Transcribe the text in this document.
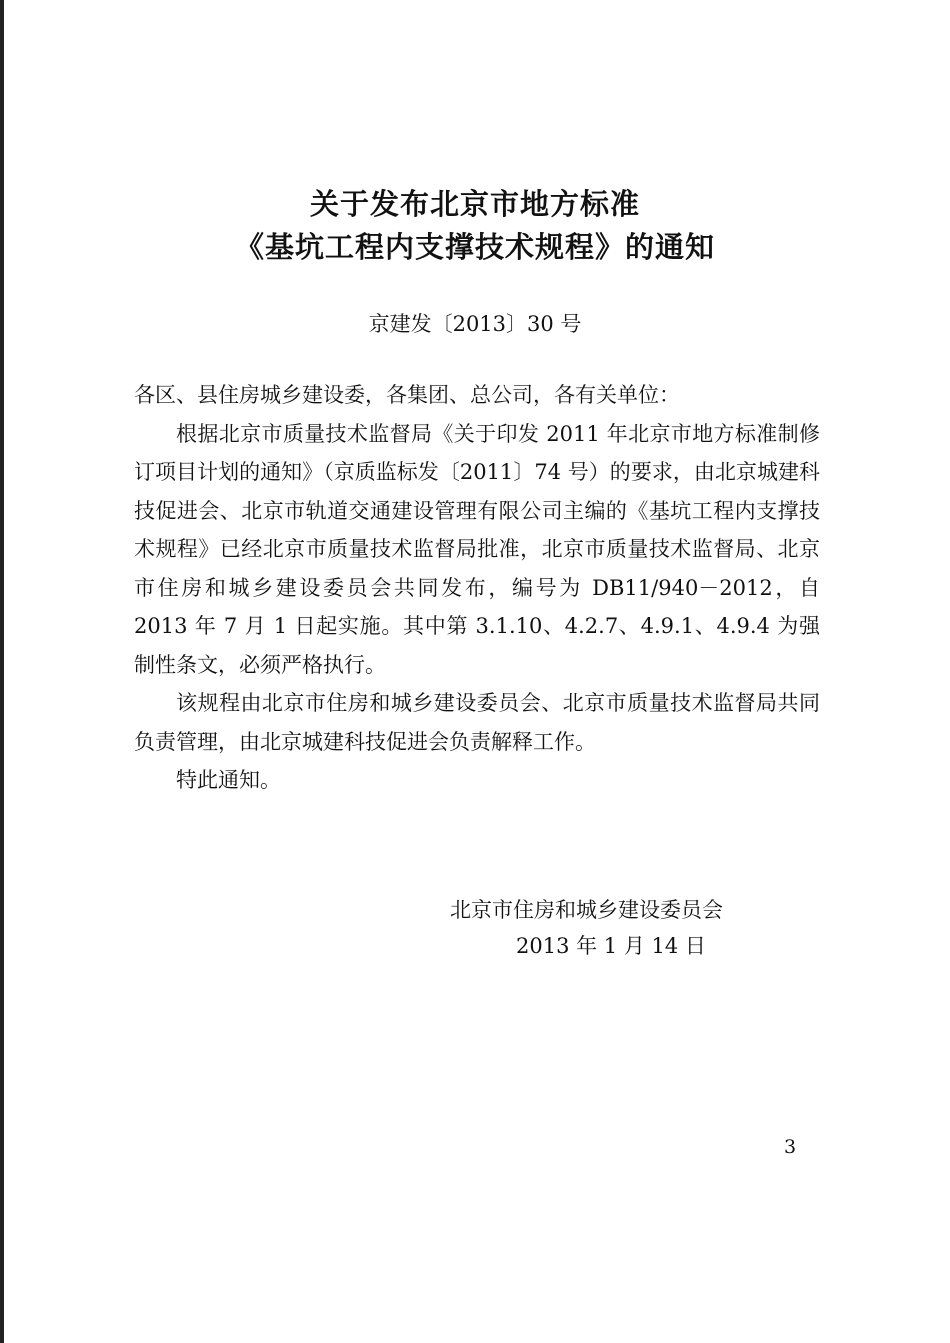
关于发布北京市地方标准
《基坑工程内支撑技术规程》的通知
京建发〔2013〕30 号

各区、县住房城乡建设委，各集团、总公司，各有关单位：

根据北京市质量技术监督局《关于印发 2011 年北京市地方标准制修订项目计划的通知》（京质监标发〔2011〕74 号）的要求，由北京城建科技促进会、北京市轨道交通建设管理有限公司主编的《基坑工程内支撑技术规程》已经北京市质量技术监督局批准，北京市质量技术监督局、北京市住房和城乡建设委员会共同发布，编号为 DB11/940－2012，自 2013 年 7 月 1 日起实施。其中第 3.1.10、4.2.7、4.9.1、4.9.4 为强制性条文，必须严格执行。

该规程由北京市住房和城乡建设委员会、北京市质量技术监督局共同负责管理，由北京城建科技促进会负责解释工作。

特此通知。

北京市住房和城乡建设委员会

2013 年 1 月 14 日

3
